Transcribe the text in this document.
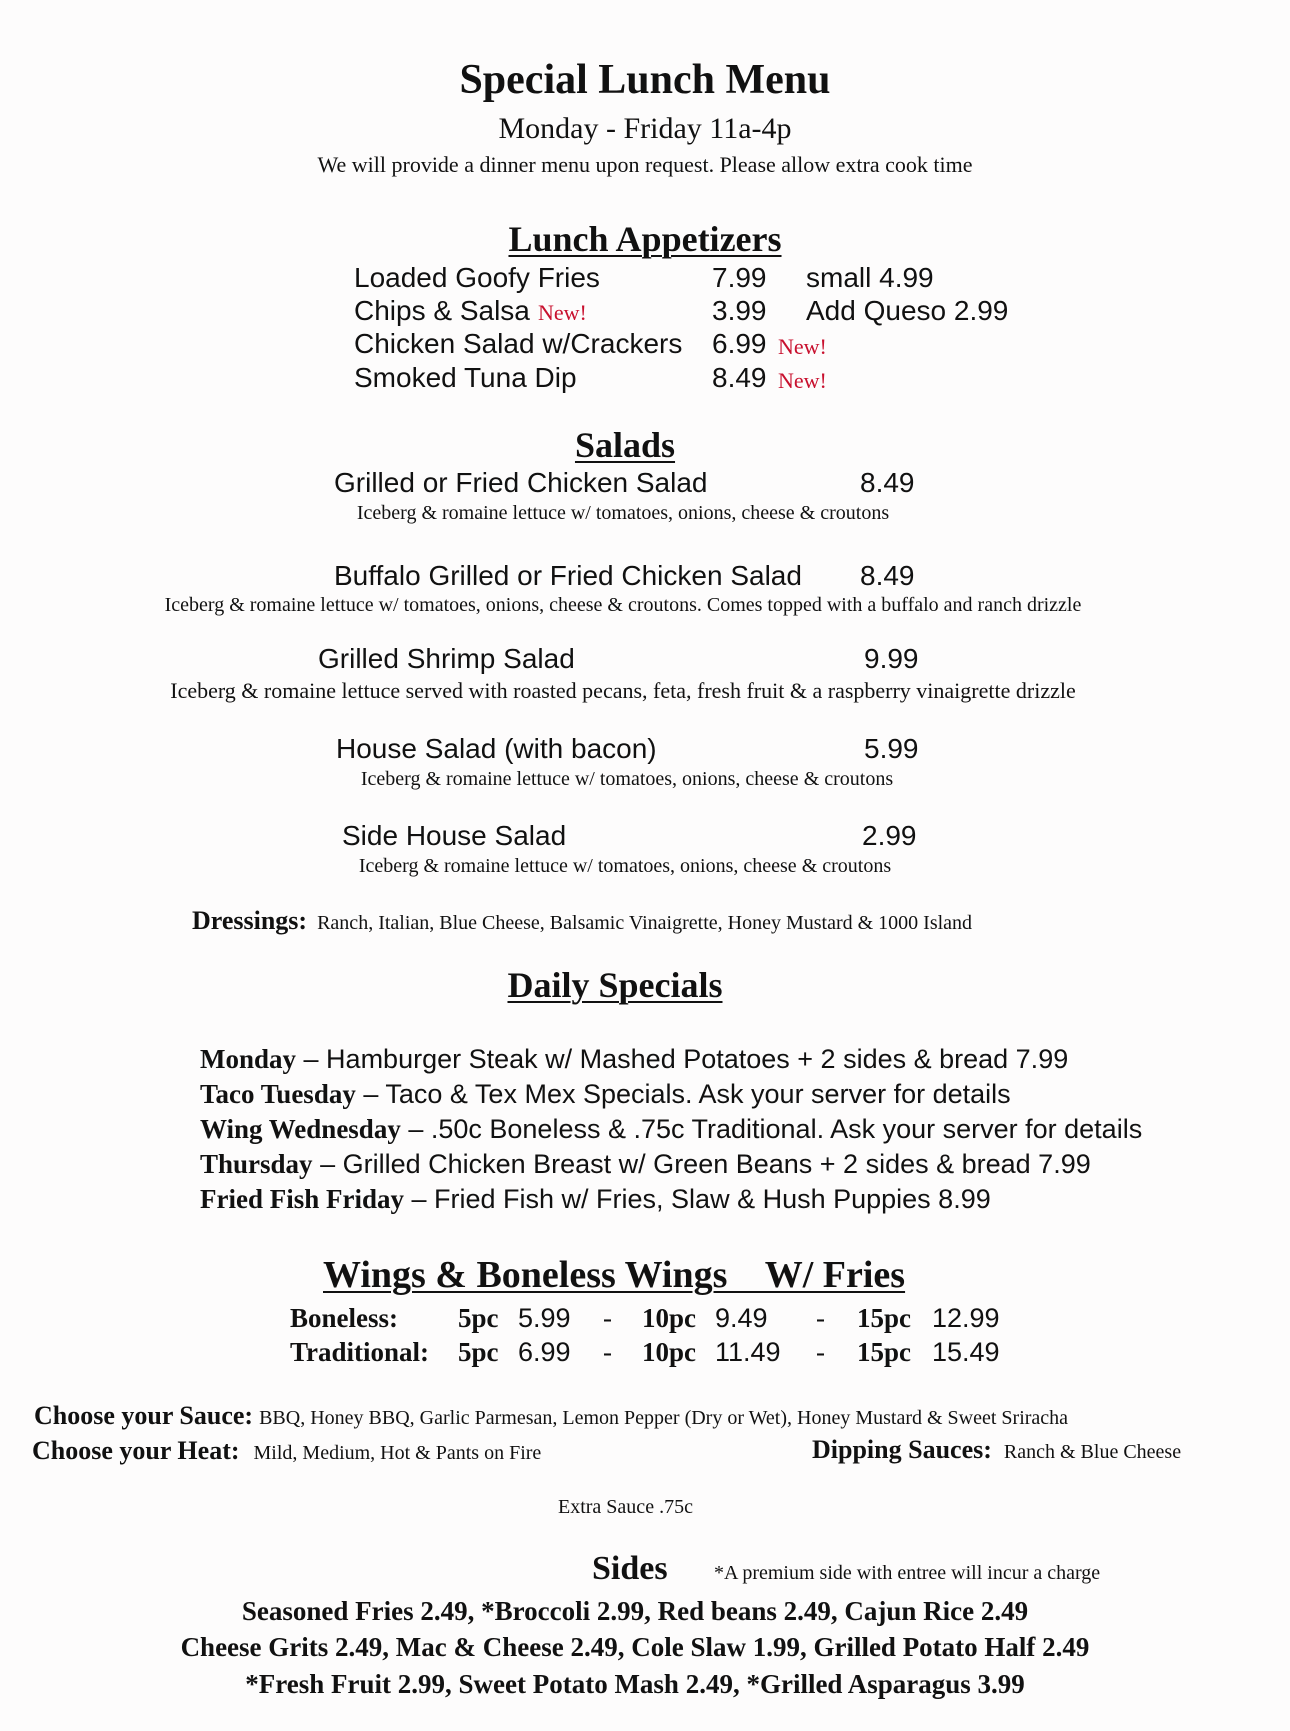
Special Lunch Menu
Monday - Friday 11a-4p
We will provide a dinner menu upon request. Please allow extra cook time
Lunch Appetizers
Loaded Goofy Fries	7.99 small 4.99
Chips & Salsa New!	3.99 Add Queso 2.99
Chicken Salad w/Crackers 6.99 New!
Smoked Tuna Dip	8.49 New!
Salads
Grilled or Fried Chicken Salad	8.49
Iceberg & romaine lettuce w/ tomatoes, onions, cheese & croutons
Buffalo Grilled or Fried Chicken Salad 8.49
Iceberg & romaine lettuce w/ tomatoes, onions, cheese & croutons. Comes topped with a buffalo and ranch drizzle
Grilled Shrimp Salad	9.99
Iceberg & romaine lettuce served with roasted pecans, feta, fresh fruit & a raspberry vinaigrette drizzle
House Salad (with bacon)	5.99
Iceberg & romaine lettuce w/ tomatoes, onions, cheese & croutons
Side House Salad	2.99
Iceberg & romaine lettuce w/ tomatoes, onions, cheese & croutons
Dressings: Ranch, Italian, Blue Cheese, Balsamic Vinaigrette, Honey Mustard & 1000 Island
Daily Specials
Monday – Hamburger Steak w/ Mashed Potatoes + 2 sides & bread 7.99
Taco Tuesday – Taco & Tex Mex Specials. Ask your server for details
Wing Wednesday – .50c Boneless & .75c Traditional. Ask your server for details
Thursday – Grilled Chicken Breast w/ Green Beans + 2 sides & bread 7.99
Fried Fish Friday – Fried Fish w/ Fries, Slaw & Hush Puppies 8.99
Wings & Boneless Wings    W/ Fries
Boneless: 5pc 5.99 - 10pc 9.49 - 15pc 12.99
Traditional: 5pc 6.99 - 10pc 11.49 - 15pc 15.49
Choose your Sauce: BBQ, Honey BBQ, Garlic Parmesan, Lemon Pepper (Dry or Wet), Honey Mustard & Sweet Sriracha
Choose your Heat: Mild, Medium, Hot & Pants on Fire	Dipping Sauces: Ranch & Blue Cheese
Extra Sauce .75c
Sides *A premium side with entree will incur a charge
Seasoned Fries 2.49, *Broccoli 2.99, Red beans 2.49, Cajun Rice 2.49
Cheese Grits 2.49, Mac & Cheese 2.49, Cole Slaw 1.99, Grilled Potato Half 2.49
*Fresh Fruit 2.99, Sweet Potato Mash 2.49, *Grilled Asparagus 3.99
